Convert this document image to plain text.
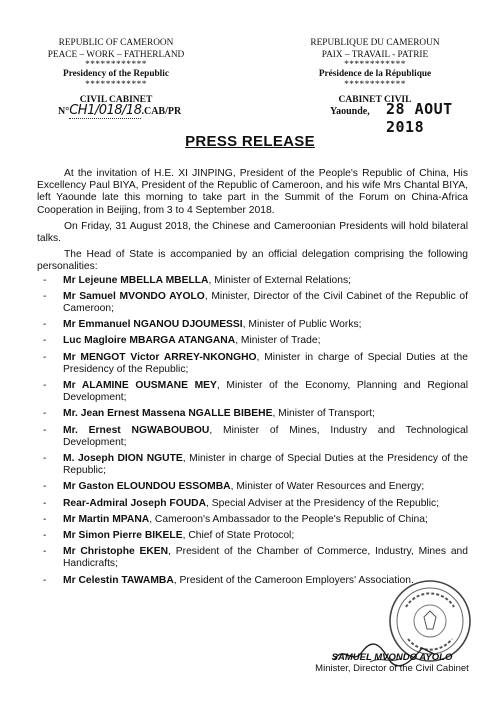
REPUBLIC OF CAMEROON
PEACE – WORK – FATHERLAND
************
Presidency of the Republic
************
CIVIL CABINET
REPUBLIQUE DU CAMEROUN
PAIX – TRAVAIL - PATRIE
************
Présidence de la République
************
CABINET CIVIL
N°CH1/018/18.CAB/PR	Yaounde, 28 AOUT 2018
PRESS RELEASE

At the invitation of H.E. XI JINPING, President of the People's Republic of China, His Excellency Paul BIYA, President of the Republic of Cameroon, and his wife Mrs Chantal BIYA, left Yaounde late this morning to take part in the Summit of the Forum on China-Africa Cooperation in Beijing, from 3 to 4 September 2018.

On Friday, 31 August 2018, the Chinese and Cameroonian Presidents will hold bilateral talks.

The Head of State is accompanied by an official delegation comprising the following personalities:

- Mr Lejeune MBELLA MBELLA, Minister of External Relations;
- Mr Samuel MVONDO AYOLO, Minister, Director of the Civil Cabinet of the Republic of Cameroon;
- Mr Emmanuel NGANOU DJOUMESSI, Minister of Public Works;
- Luc Magloire MBARGA ATANGANA, Minister of Trade;
- Mr MENGOT Victor ARREY-NKONGHO, Minister in charge of Special Duties at the Presidency of the Republic;
- Mr ALAMINE OUSMANE MEY, Minister of the Economy, Planning and Regional Development;
- Mr. Jean Ernest Massena NGALLE BIBEHE, Minister of Transport;
- Mr. Ernest NGWABOUBOU, Minister of Mines, Industry and Technological Development;
- M. Joseph DION NGUTE, Minister in charge of Special Duties at the Presidency of the Republic;
- Mr Gaston ELOUNDOU ESSOMBA, Minister of Water Resources and Energy;
- Rear-Admiral Joseph FOUDA, Special Adviser at the Presidency of the Republic;
- Mr Martin MPANA, Cameroon's Ambassador to the People's Republic of China;
- Mr Simon Pierre BIKELE, Chief of State Protocol;
- Mr Christophe EKEN, President of the Chamber of Commerce, Industry, Mines and Handicrafts;
- Mr Celestin TAWAMBA, President of the Cameroon Employers' Association.
SAMUEL MVONDO AYOLO
Minister, Director of the Civil Cabinet
